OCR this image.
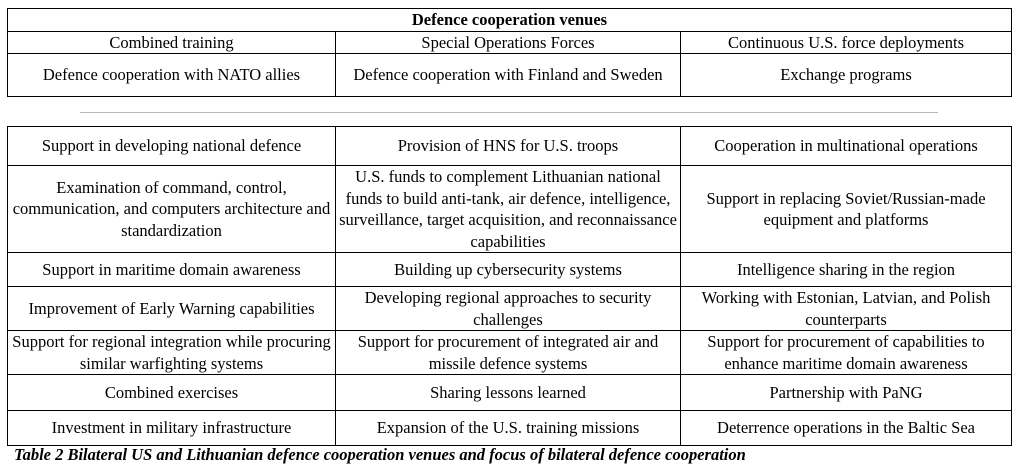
Defence cooperation venues		
Combined training	Special Operations Forces	Continuous U.S. force deployments
Defence cooperation with NATO allies	Defence cooperation with Finland and Sweden	Exchange programs
Support in developing national defence	Provision of HNS for U.S. troops	Cooperation in multinational operations
Examination of command, control, communication, and computers architecture and standardization	U.S. funds to complement Lithuanian national funds to build anti-tank, air defence, intelligence, surveillance, target acquisition, and reconnaissance capabilities	Support in replacing Soviet/Russian-made equipment and platforms
Support in maritime domain awareness	Building up cybersecurity systems	Intelligence sharing in the region
Improvement of Early Warning capabilities	Developing regional approaches to security challenges	Working with Estonian, Latvian, and Polish counterparts
Support for regional integration while procuring similar warfighting systems	Support for procurement of integrated air and missile defence systems	Support for procurement of capabilities to enhance maritime domain awareness
Combined exercises	Sharing lessons learned	Partnership with PaNG
Investment in military infrastructure	Expansion of the U.S. training missions	Deterrence operations in the Baltic Sea
Table 2 Bilateral US and Lithuanian defence cooperation venues and focus of bilateral defence cooperation
